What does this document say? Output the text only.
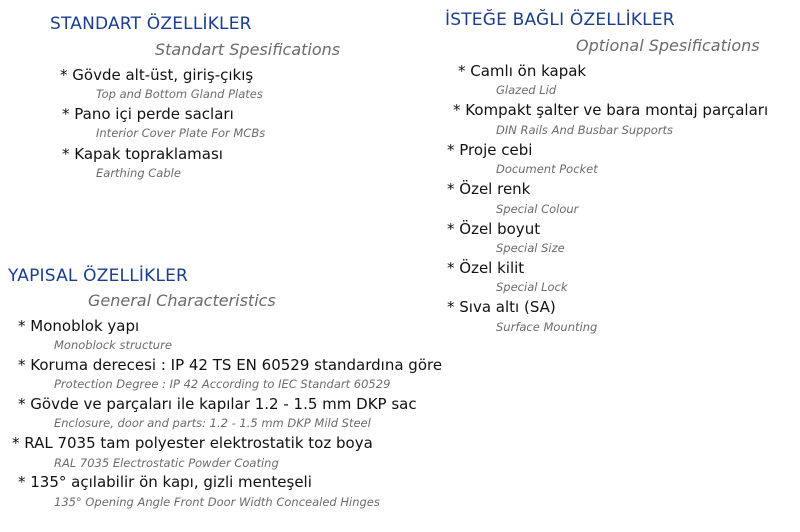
STANDART ÖZELLİKLER
Standart Spesifications
* Gövde alt-üst, giriş-çıkış
Top and Bottom Gland Plates
* Pano içi perde sacları
Interior Cover Plate For MCBs
* Kapak topraklaması
Earthing Cable
İSTEĞE BAĞLI ÖZELLİKLER
Optional Spesifications
* Camlı ön kapak
Glazed Lid
* Kompakt şalter ve bara montaj parçaları
DIN Rails And Busbar Supports
* Proje cebi
Document Pocket
* Özel renk
Special Colour
* Özel boyut
Special Size
* Özel kilit
Special Lock
* Sıva altı (SA)
Surface Mounting
YAPISAL ÖZELLİKLER
General Characteristics
* Monoblok yapı
Monoblock structure
* Koruma derecesi : IP 42 TS EN 60529 standardına göre
Protection Degree : IP 42 According to IEC Standart 60529
* Gövde ve parçaları ile kapılar 1.2 - 1.5 mm DKP sac
Enclosure, door and parts: 1.2 - 1.5 mm DKP Mild Steel
* RAL 7035 tam polyester elektrostatik toz boya
RAL 7035 Electrostatic Powder Coating
* 135° açılabilir ön kapı, gizli menteşeli
135° Opening Angle Front Door Width Concealed Hinges
